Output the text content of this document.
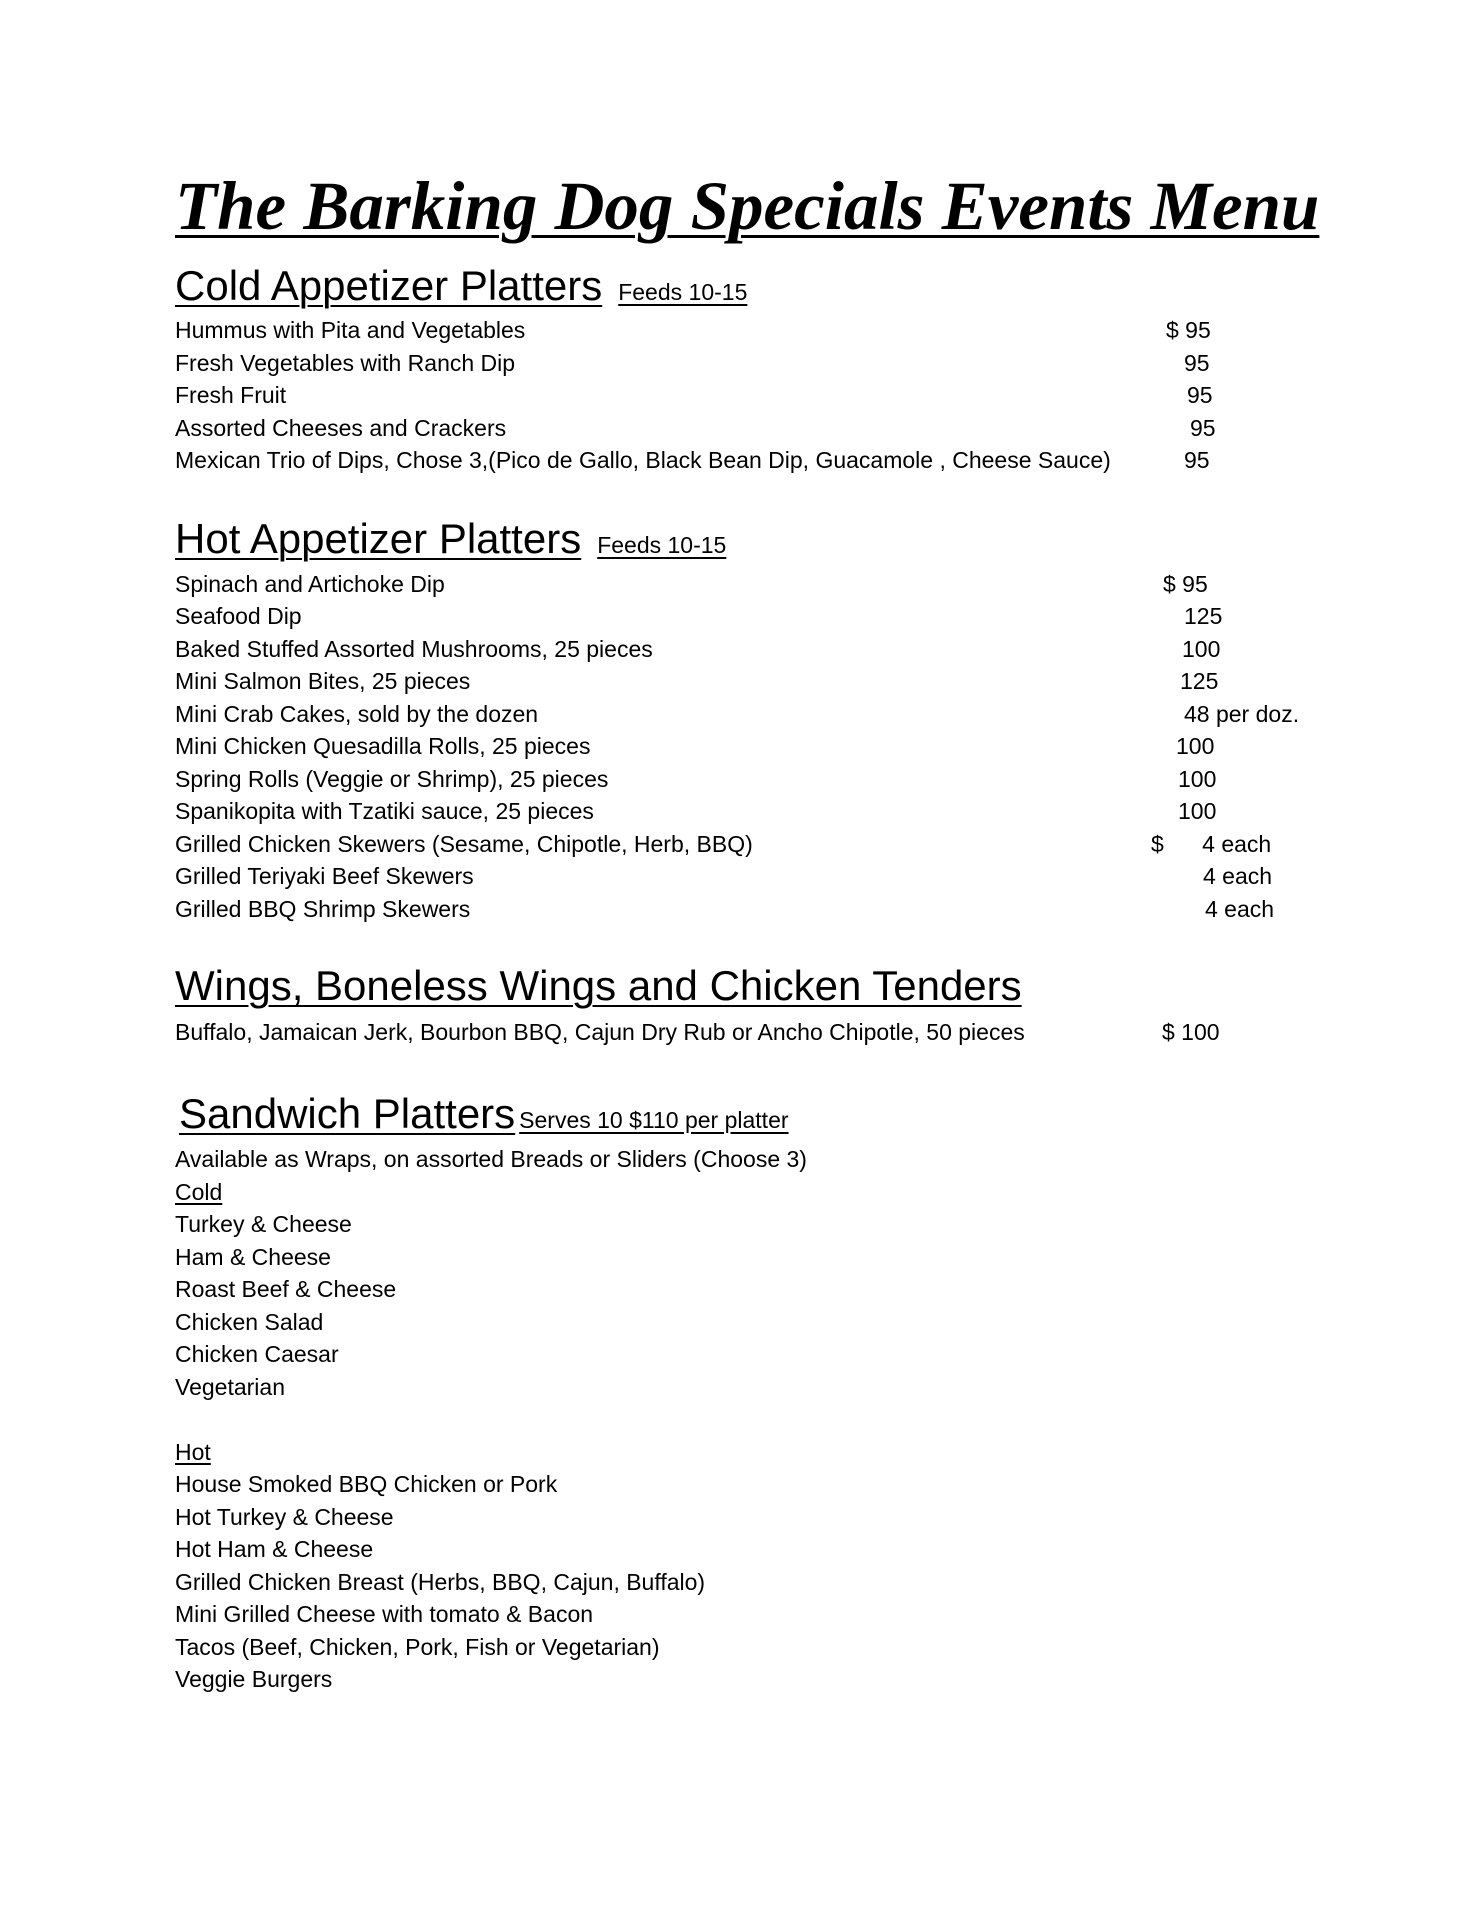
The Barking Dog Specials Events Menu
Cold Appetizer Platters Feeds 10-15
Hummus with Pita and Vegetables	$ 95
Fresh Vegetables with Ranch Dip	95
Fresh Fruit	95
Assorted Cheeses and Crackers	95
Mexican Trio of Dips, Chose 3,(Pico de Gallo, Black Bean Dip, Guacamole , Cheese Sauce)	95
Hot Appetizer Platters Feeds 10-15
Spinach and Artichoke Dip	$ 95
Seafood Dip	125
Baked Stuffed Assorted Mushrooms, 25 pieces	100
Mini Salmon Bites, 25 pieces	125
Mini Crab Cakes, sold by the dozen	48 per doz.
Mini Chicken Quesadilla Rolls, 25 pieces	100
Spring Rolls (Veggie or Shrimp), 25 pieces	100
Spanikopita with Tzatiki sauce, 25 pieces	100
Grilled Chicken Skewers (Sesame, Chipotle, Herb, BBQ)	$      4 each
Grilled Teriyaki Beef Skewers	4 each
Grilled BBQ Shrimp Skewers	4 each
Wings, Boneless Wings and Chicken Tenders
Buffalo, Jamaican Jerk, Bourbon BBQ, Cajun Dry Rub or Ancho Chipotle, 50 pieces	$ 100
Sandwich Platters Serves 10 $110 per platter
Available as Wraps, on assorted Breads or Sliders (Choose 3)
Cold
Turkey & Cheese
Ham & Cheese
Roast Beef & Cheese
Chicken Salad
Chicken Caesar
Vegetarian
Hot
House Smoked BBQ Chicken or Pork
Hot Turkey & Cheese
Hot Ham & Cheese
Grilled Chicken Breast (Herbs, BBQ, Cajun, Buffalo)
Mini Grilled Cheese with tomato & Bacon
Tacos (Beef, Chicken, Pork, Fish or Vegetarian)
Veggie Burgers
